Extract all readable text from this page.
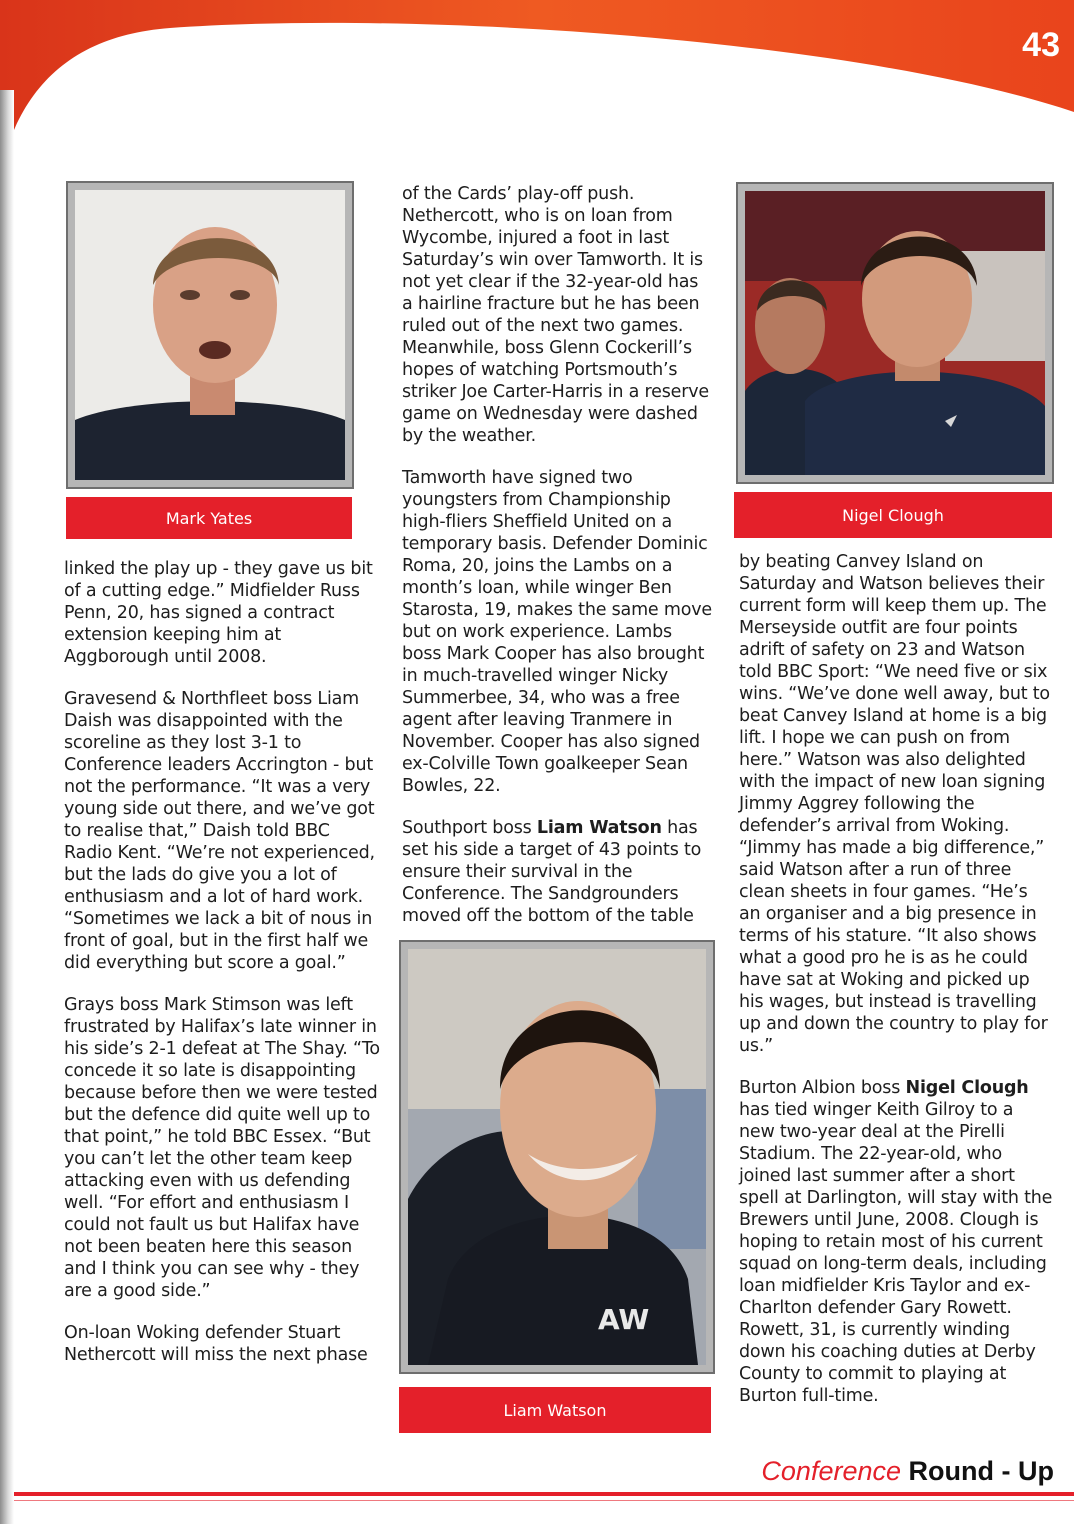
43
Mark Yates	Nigel Clough
AW
Liam Watson

linked the play up - they gave us bit of a cutting edge.” Midfielder Russ Penn, 20, has signed a contract extension keeping him at Aggborough until 2008.

Gravesend & Northfleet boss Liam Daish was disappointed with the scoreline as they lost 3-1 to Conference leaders Accrington - but not the performance. “It was a very young side out there, and we’ve got to realise that,” Daish told BBC Radio Kent. “We’re not experienced, but the lads do give you a lot of enthusiasm and a lot of hard work. “Sometimes we lack a bit of nous in front of goal, but in the first half we did everything but score a goal.”

Grays boss Mark Stimson was left frustrated by Halifax’s late winner in his side’s 2-1 defeat at The Shay. “To concede it so late is disappointing because before then we were tested but the defence did quite well up to that point,” he told BBC Essex. “But you can’t let the other team keep attacking even with us defending well. “For effort and enthusiasm I could not fault us but Halifax have not been beaten here this season and I think you can see why - they are a good side.”

On-loan Woking defender Stuart Nethercott will miss the next phase

of the Cards’ play-off push. Nethercott, who is on loan from Wycombe, injured a foot in last Saturday’s win over Tamworth. It is not yet clear if the 32-year-old has a hairline fracture but he has been ruled out of the next two games. Meanwhile, boss Glenn Cockerill’s hopes of watching Portsmouth’s striker Joe Carter-Harris in a reserve game on Wednesday were dashed by the weather.

Tamworth have signed two youngsters from Championship high-fliers Sheffield United on a temporary basis. Defender Dominic Roma, 20, joins the Lambs on a month’s loan, while winger Ben Starosta, 19, makes the same move but on work experience. Lambs boss Mark Cooper has also brought in much-travelled winger Nicky Summerbee, 34, who was a free agent after leaving Tranmere in November. Cooper has also signed ex-Colville Town goalkeeper Sean Bowles, 22.

Southport boss Liam Watson has set his side a target of 43 points to ensure their survival in the Conference. The Sandgrounders moved off the bottom of the table

by beating Canvey Island on Saturday and Watson believes their current form will keep them up. The Merseyside outfit are four points adrift of safety on 23 and Watson told BBC Sport: “We need five or six wins. “We’ve done well away, but to beat Canvey Island at home is a big lift. I hope we can push on from here.” Watson was also delighted with the impact of new loan signing Jimmy Aggrey following the defender’s arrival from Woking. “Jimmy has made a big difference,” said Watson after a run of three clean sheets in four games. “He’s an organiser and a big presence in terms of his stature. “It also shows what a good pro he is as he could have sat at Woking and picked up his wages, but instead is travelling up and down the country to play for us.”

Burton Albion boss Nigel Clough has tied winger Keith Gilroy to a new two-year deal at the Pirelli Stadium. The 22-year-old, who joined last summer after a short spell at Darlington, will stay with the Brewers until June, 2008. Clough is hoping to retain most of his current squad on long-term deals, including loan midfielder Kris Taylor and ex-Charlton defender Gary Rowett. Rowett, 31, is currently winding down his coaching duties at Derby County to commit to playing at Burton full-time.

Conference Round - Up
